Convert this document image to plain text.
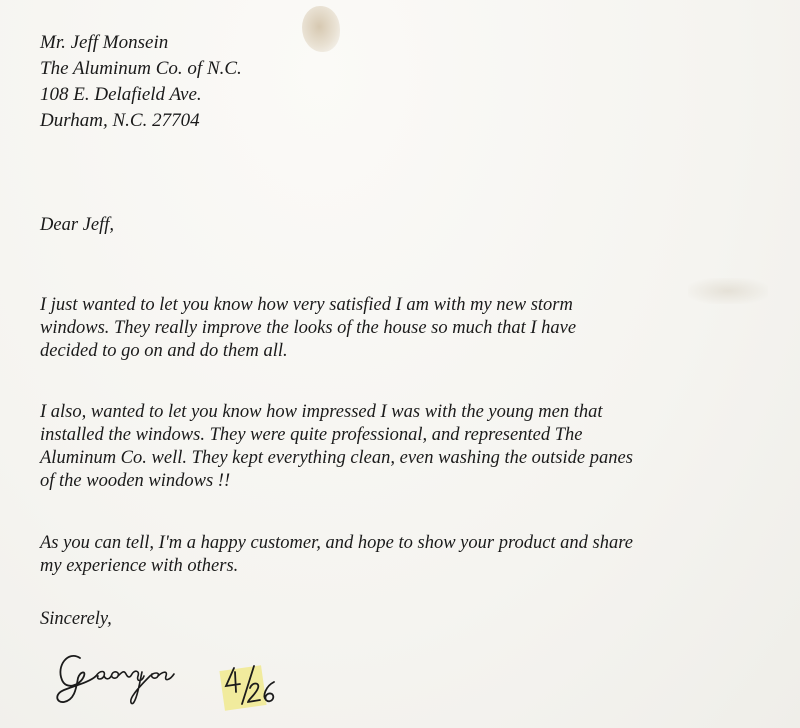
Mr. Jeff Monsein

The Aluminum Co. of N.C.

108 E. Delafield Ave.

Durham, N.C. 27704

Dear Jeff,

I just wanted to let you know how very satisfied I am with my new storm
windows. They really improve the looks of the house so much that I have
decided to go on and do them all.
I also, wanted to let you know how impressed I was with the young men that
installed the windows. They were quite professional, and represented The
Aluminum Co. well. They kept everything clean, even washing the outside panes
of the wooden windows !!
As you can tell, I'm a happy customer, and hope to show your product and share
my experience with others.

Sincerely,
